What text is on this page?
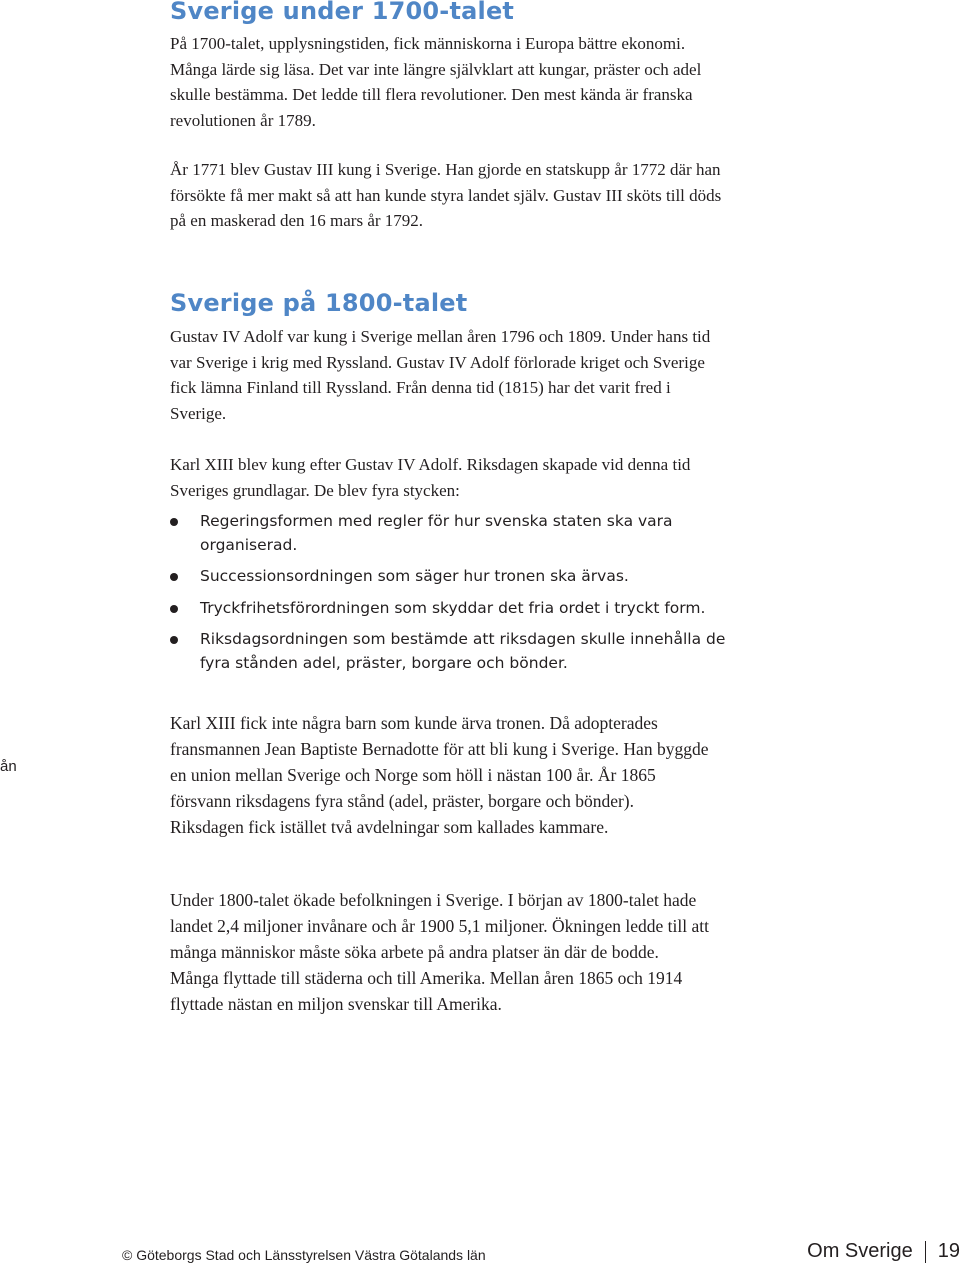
Sverige under 1700-talet

På 1700-talet, upplysningstiden, fick människorna i Europa bättre ekonomi. Många lärde sig läsa. Det var inte längre självklart att kungar, präster och adel skulle bestämma. Det ledde till flera revolutioner. Den mest kända är franska revolutionen år 1789.

År 1771 blev Gustav III kung i Sverige. Han gjorde en statskupp år 1772 där han försökte få mer makt så att han kunde styra landet själv. Gustav III sköts till döds på en maskerad den 16 mars år 1792.

Sverige på 1800-talet

Gustav IV Adolf var kung i Sverige mellan åren 1796 och 1809. Under hans tid var Sverige i krig med Ryssland. Gustav IV Adolf förlorade kriget och Sverige fick lämna Finland till Ryssland. Från denna tid (1815) har det varit fred i Sverige.

Karl XIII blev kung efter Gustav IV Adolf. Riksdagen skapade vid denna tid Sveriges grundlagar. De blev fyra stycken:

Regeringsformen med regler för hur svenska staten ska vara organiserad.
Successionsordningen som säger hur tronen ska ärvas.
Tryckfrihetsförordningen som skyddar det fria ordet i tryckt form.
Riksdagsordningen som bestämde att riksdagen skulle innehålla de fyra stånden adel, präster, borgare och bönder.

Karl XIII fick inte några barn som kunde ärva tronen. Då adopterades fransmannen Jean Baptiste Bernadotte för att bli kung i Sverige. Han byggde en union mellan Sverige och Norge som höll i nästan 100 år. År 1865 försvann riksdagens fyra stånd (adel, präster, borgare och bönder). Riksdagen fick istället två avdelningar som kallades kammare.

Under 1800-talet ökade befolkningen i Sverige. I början av 1800-talet hade landet 2,4 miljoner invånare och år 1900 5,1 miljoner. Ökningen ledde till att många människor måste söka arbete på andra platser än där de bodde. Många flyttade till städerna och till Amerika. Mellan åren 1865 och 1914 flyttade nästan en miljon svenskar till Amerika.

ån
© Göteborgs Stad och Länsstyrelsen Västra Götalands län	Om Sverige 19
